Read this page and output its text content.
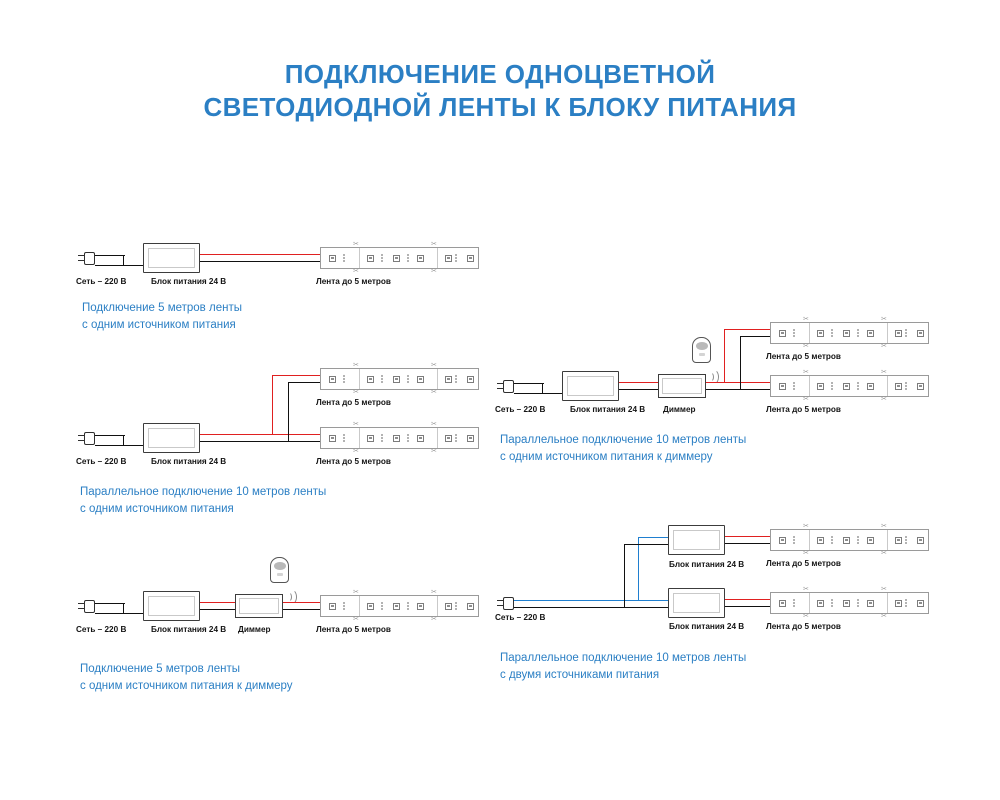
ПОДКЛЮЧЕНИЕ ОДНОЦВЕТНОЙ
СВЕТОДИОДНОЙ ЛЕНТЫ К БЛОКУ ПИТАНИЯ
✂
✂
✂
✂
Сеть – 220 В	Блок питания 24 В	Лента до 5 метров
Подключение 5 метров ленты
с одним источником питания
✂
✂
✂
✂
Лента до 5 метров
✂
✂
✂
✂
Сеть – 220 В	Блок питания 24 В	Лента до 5 метров
Параллельное подключение 10 метров ленты
с одним источником питания
✂
✂
✂
✂
Сеть – 220 В	Блок питания 24 В Диммер	Лента до 5 метров
Подключение 5 метров ленты
с одним источником питания к диммеру
✂
✂
✂
✂
Лента до 5 метров
✂
✂
✂
✂
Сеть – 220 В	Блок питания 24 В Диммер	Лента до 5 метров
Параллельное подключение 10 метров ленты
с одним источником питания к диммеру
✂
✂
✂
✂
Лента до 5 метров
✂
✂
✂
✂
Блок питания 24 В
Сеть – 220 В
Блок питания 24 В	Лента до 5 метров
Параллельное подключение 10 метров ленты
с двумя источниками питания
